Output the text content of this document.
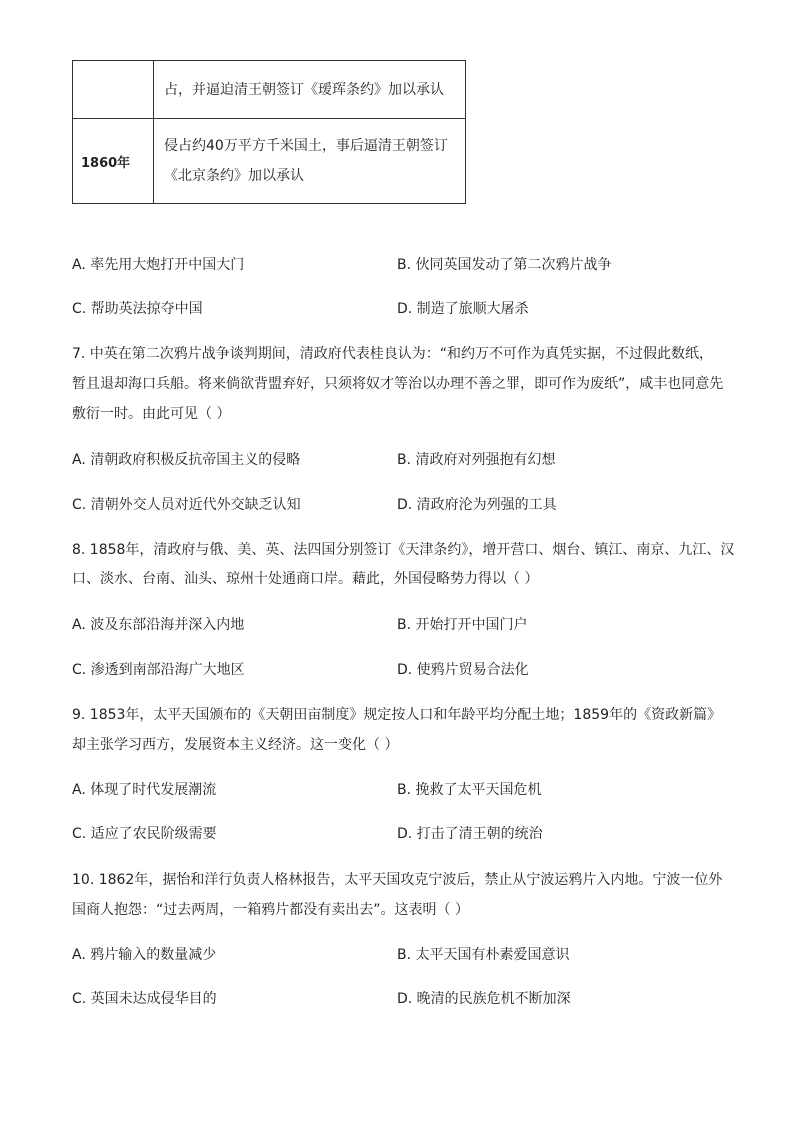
	占，并逼迫清王朝签订《瑷珲条约》加以承认

1860年	侵占约40万平方千米国土，事后逼清王朝签订
《北京条约》加以承认
A. 率先用大炮打开中国大门	B. 伙同英国发动了第二次鸦片战争
C. 帮助英法掠夺中国	D. 制造了旅顺大屠杀
7. 中英在第二次鸦片战争谈判期间，清政府代表桂良认为：“和约万不可作为真凭实据，不过假此数纸，
暂且退却海口兵船。将来倘欲背盟弃好，只须将奴才等治以办理不善之罪，即可作为废纸”，咸丰也同意先
敷衍一时。由此可见（ ）
A. 清朝政府积极反抗帝国主义的侵略	B. 清政府对列强抱有幻想
C. 清朝外交人员对近代外交缺乏认知	D. 清政府沦为列强的工具
8. 1858年，清政府与俄、美、英、法四国分别签订《天津条约》，增开营口、烟台、镇江、南京、九江、汉
口、淡水、台南、汕头、琼州十处通商口岸。藉此，外国侵略势力得以（ ）
A. 波及东部沿海并深入内地	B. 开始打开中国门户
C. 渗透到南部沿海广大地区	D. 使鸦片贸易合法化
9. 1853年，太平天国颁布的《天朝田亩制度》规定按人口和年龄平均分配土地；1859年的《资政新篇》
却主张学习西方，发展资本主义经济。这一变化（ ）
A. 体现了时代发展潮流	B. 挽救了太平天国危机
C. 适应了农民阶级需要	D. 打击了清王朝的统治
10. 1862年，据怡和洋行负责人格林报告，太平天国攻克宁波后，禁止从宁波运鸦片入内地。宁波一位外
国商人抱怨：“过去两周，一箱鸦片都没有卖出去”。这表明（ ）
A. 鸦片输入的数量减少	B. 太平天国有朴素爱国意识
C. 英国未达成侵华目的	D. 晚清的民族危机不断加深
